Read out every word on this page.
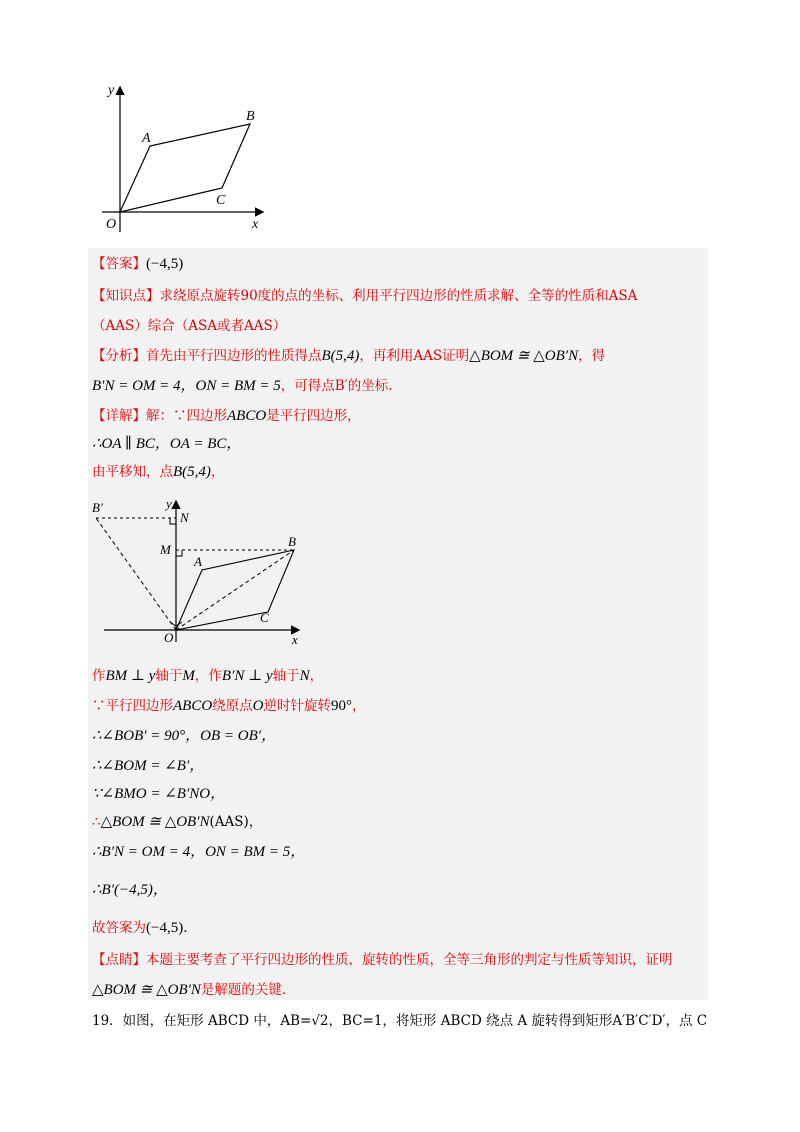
y
x
A
B
C
O
【答案】(−4,5)
【知识点】求绕原点旋转90度的点的坐标、利用平行四边形的性质求解、全等的性质和ASA
（AAS）综合（ASA或者AAS）
【分析】首先由平行四边形的性质得点B(5,4)，再利用AAS证明△BOM ≅ △OB′N，得
B′N = OM = 4，ON = BM = 5，可得点B′的坐标.
【详解】解：∵四边形ABCO是平行四边形，
∴OA ∥ BC，OA = BC，
由平移知，点B(5,4)，
B′	y
N
M
B
A
C
O	x
作BM ⊥ y轴于M，作B′N ⊥ y轴于N，
∵平行四边形ABCO绕原点O逆时针旋转90°，
∴∠BOB′ = 90°，OB = OB′，
∴∠BOM = ∠B′，
∵∠BMO = ∠B′NO，
∴△BOM ≅ △OB′N(AAS)，
∴B′N = OM = 4，ON = BM = 5，
∴B′(−4,5)，
故答案为(−4,5).
【点睛】本题主要考查了平行四边形的性质，旋转的性质，全等三角形的判定与性质等知识，证明
△BOM ≅ △OB′N是解题的关键.
19．如图，在矩形 ABCD 中，AB=√2，BC=1，将矩形 ABCD 绕点 A 旋转得到矩形A′B′C′D′，点 C
